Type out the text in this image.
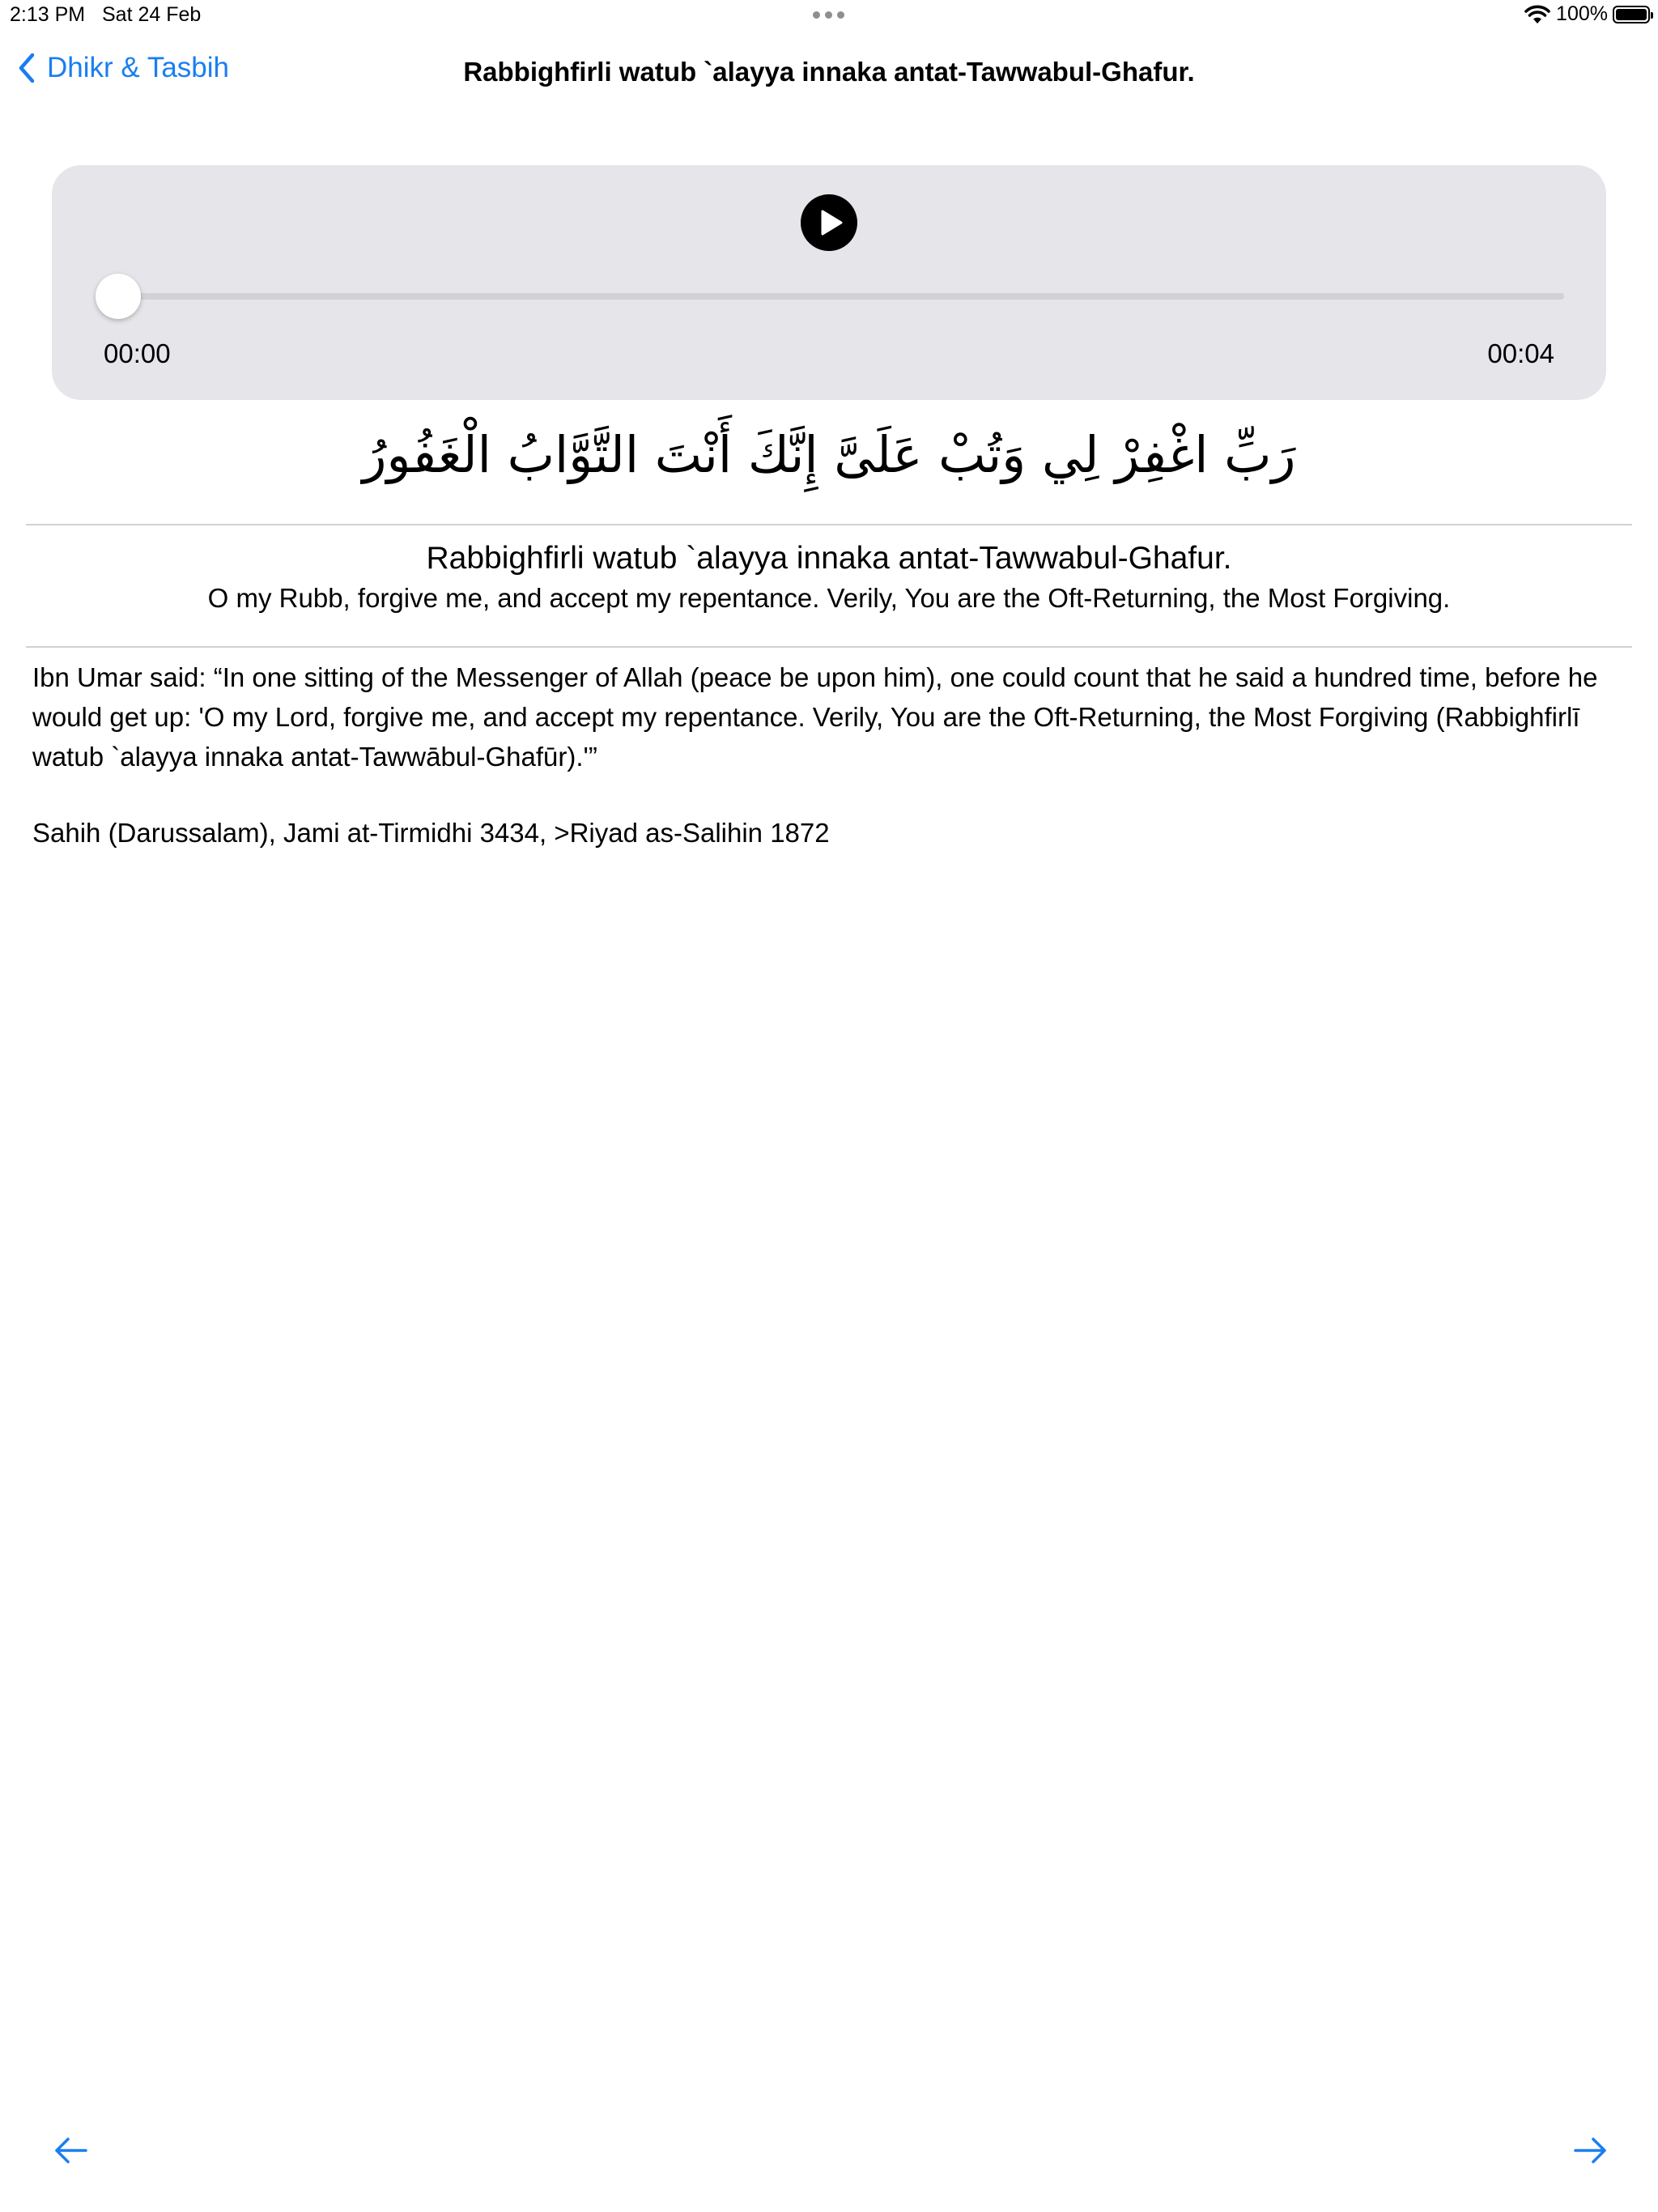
2:13 PM Sat 24 Feb	100%
Dhikr & Tasbih	Rabbighfirli watub `alayya innaka antat-Tawwabul-Ghafur.
00:00	00:04
رَبِّ اغْفِرْ لِي وَتُبْ عَلَىَّ إِنَّكَ أَنْتَ التَّوَّابُ الْغَفُورُ
Rabbighfirli watub `alayya innaka antat-Tawwabul-Ghafur.
O my Rubb, forgive me, and accept my repentance. Verily, You are the Oft-Returning, the Most Forgiving.

Ibn Umar said: “In one sitting of the Messenger of Allah (peace be upon him), one could count that he said a hundred time, before he would get up: 'O my Lord, forgive me, and accept my repentance. Verily, You are the Oft-Returning, the Most Forgiving (Rabbighfirlī watub `alayya innaka antat-Tawwābul-Ghafūr).'”

Sahih (Darussalam), Jami at-Tirmidhi 3434, >Riyad as-Salihin 1872
